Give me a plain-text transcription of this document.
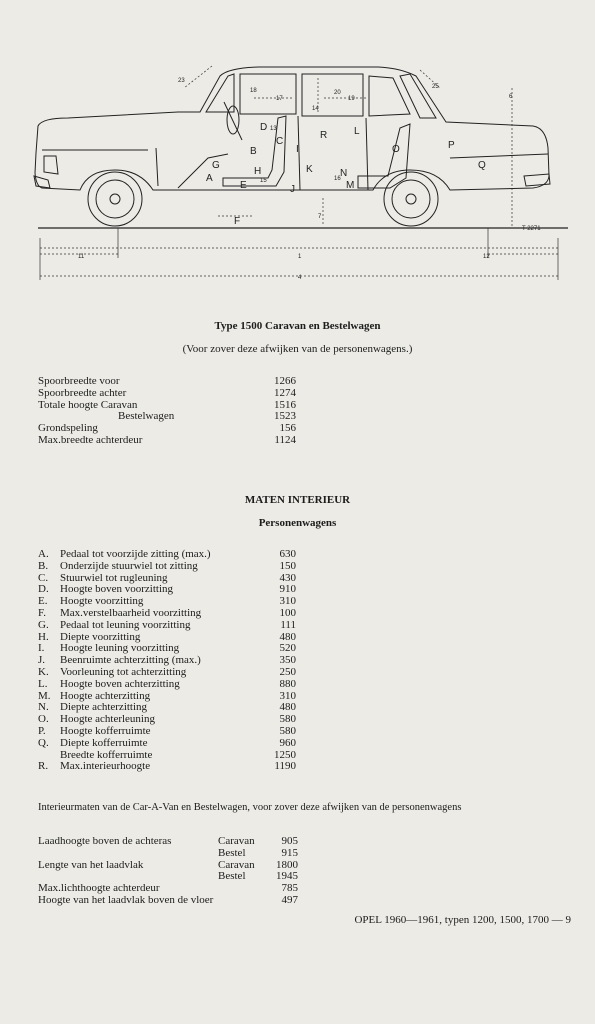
23
18
17
20
19
14
13
25
6
15	16
7
11	1	12
4
T 2271
A
B
C
D
E
F
G
H
I
J
K
L
M
N
O	P
Q
R
Type 1500 Caravan en Bestelwagen
(Voor zover deze afwijken van de personenwagens.)
Spoorbreedte voor	1266
Spoorbreedte achter	1274
Totale hoogte Caravan	1516
Bestelwagen	1523
Grondspeling	156
Max.breedte achterdeur	1124
MATEN INTERIEUR
Personenwagens
A. Pedaal tot voorzijde zitting (max.)	630
B. Onderzijde stuurwiel tot zitting	150
C. Stuurwiel tot rugleuning	430
D. Hoogte boven voorzitting	910
E. Hoogte voorzitting	310
F. Max.verstelbaarheid voorzitting	100
G. Pedaal tot leuning voorzitting	111
H. Diepte voorzitting	480
I. Hoogte leuning voorzitting	520
J. Beenruimte achterzitting (max.)	350
K. Voorleuning tot achterzitting	250
L. Hoogte boven achterzitting	880
M. Hoogte achterzitting	310
N. Diepte achterzitting	480
O. Hoogte achterleuning	580
P. Hoogte kofferruimte	580
Q. Diepte kofferruimte	960
Breedte kofferruimte	1250
R. Max.interieurhoogte	1190
Interieurmaten van de Car-A-Van en Bestelwagen, voor zover deze afwijken van de personenwagens
Laadhoogte boven de achteras	Caravan	905
Bestel	915
Lengte van het laadvlak	Caravan	1800
Bestel	1945
Max.lichthoogte achterdeur	785
Hoogte van het laadvlak boven de vloer	497
OPEL 1960—1961, typen 1200, 1500, 1700 — 9
